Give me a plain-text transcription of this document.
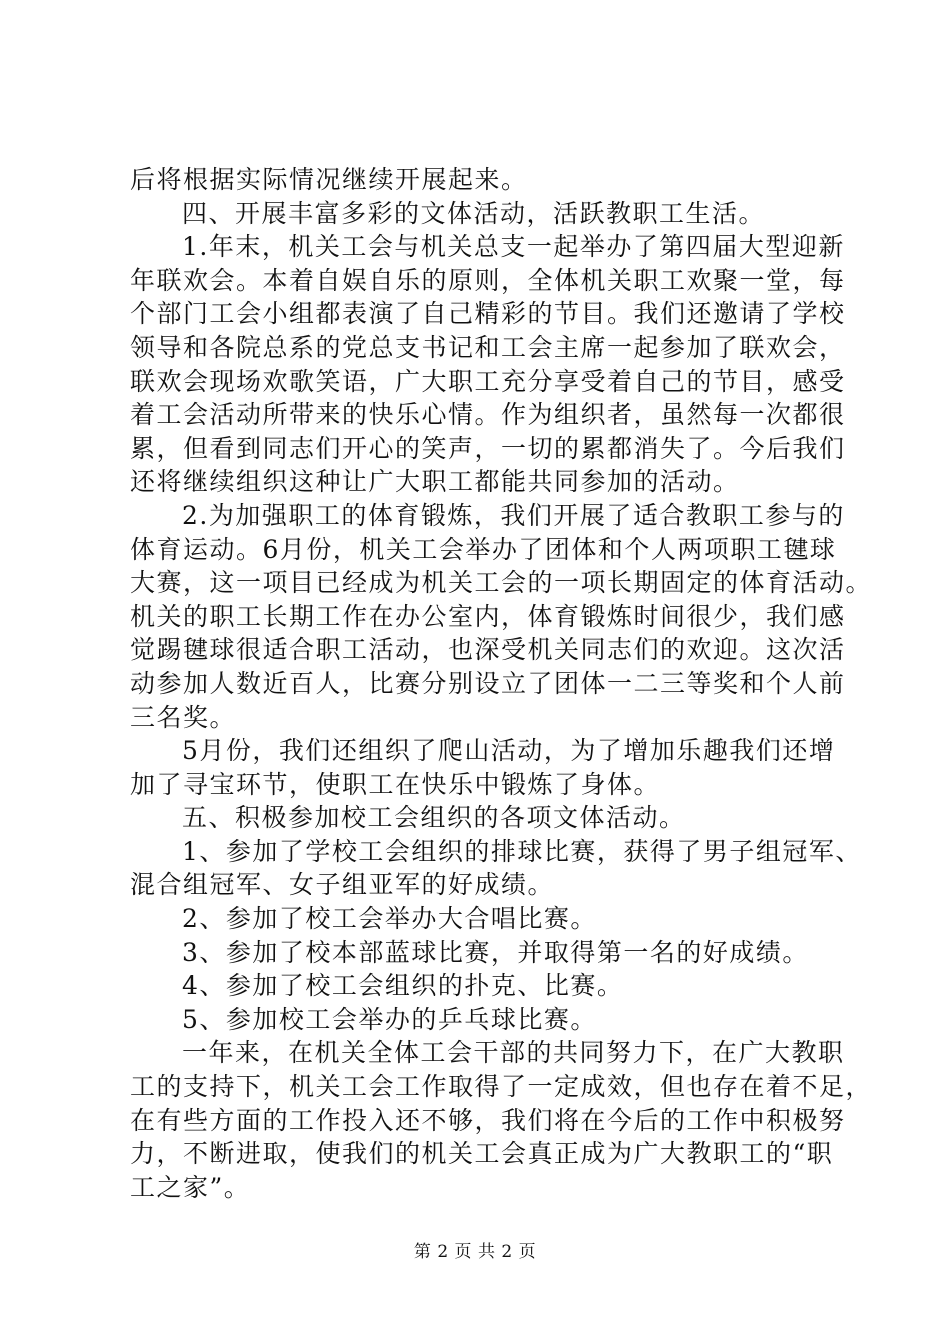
后将根据实际情况继续开展起来。
四、开展丰富多彩的文体活动，活跃教职工生活。
1.年末，机关工会与机关总支一起举办了第四届大型迎新
年联欢会。本着自娱自乐的原则，全体机关职工欢聚一堂，每
个部门工会小组都表演了自己精彩的节目。我们还邀请了学校
领导和各院总系的党总支书记和工会主席一起参加了联欢会，
联欢会现场欢歌笑语，广大职工充分享受着自己的节目，感受
着工会活动所带来的快乐心情。作为组织者，虽然每一次都很
累，但看到同志们开心的笑声，一切的累都消失了。今后我们
还将继续组织这种让广大职工都能共同参加的活动。
2.为加强职工的体育锻炼，我们开展了适合教职工参与的
体育运动。6月份，机关工会举办了团体和个人两项职工毽球
大赛，这一项目已经成为机关工会的一项长期固定的体育活动。
机关的职工长期工作在办公室内，体育锻炼时间很少，我们感
觉踢毽球很适合职工活动，也深受机关同志们的欢迎。这次活
动参加人数近百人，比赛分别设立了团体一二三等奖和个人前
三名奖。
5月份，我们还组织了爬山活动，为了增加乐趣我们还增
加了寻宝环节，使职工在快乐中锻炼了身体。
五、积极参加校工会组织的各项文体活动。
1、参加了学校工会组织的排球比赛，获得了男子组冠军、
混合组冠军、女子组亚军的好成绩。
2、参加了校工会举办大合唱比赛。
3、参加了校本部蓝球比赛，并取得第一名的好成绩。
4、参加了校工会组织的扑克、比赛。
5、参加校工会举办的乒乓球比赛。
一年来，在机关全体工会干部的共同努力下，在广大教职
工的支持下，机关工会工作取得了一定成效，但也存在着不足，
在有些方面的工作投入还不够，我们将在今后的工作中积极努
力，不断进取，使我们的机关工会真正成为广大教职工的“职
工之家”。
第 2 页 共 2 页
